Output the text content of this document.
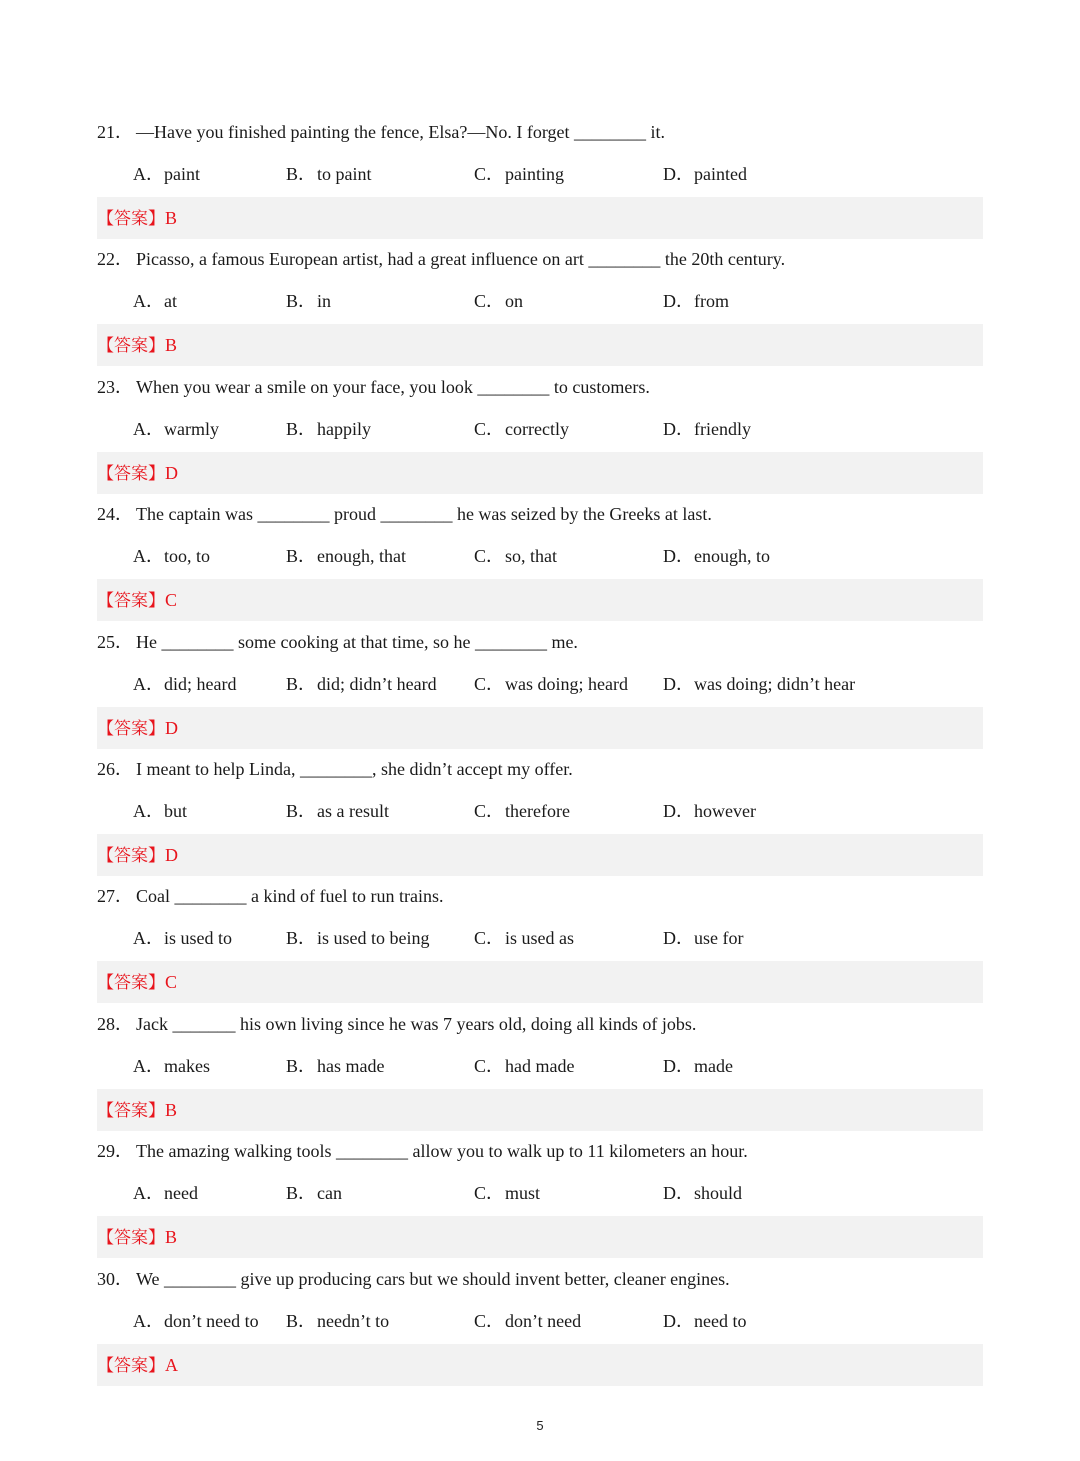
21． —Have you finished painting the fence, Elsa?—No. I forget ________ it.
A．paint	B．to paint	C．painting	D．painted
【答案】B
22． Picasso, a famous European artist, had a great influence on art ________ the 20th century.
A．at	B．in	C．on	D．from
【答案】B
23． When you wear a smile on your face, you look ________ to customers.
A．warmly	B．happily	C．correctly	D．friendly
【答案】D
24． The captain was ________ proud ________ he was seized by the Greeks at last.
A．too, to	B．enough, that	C．so, that	D．enough, to
【答案】C
25． He ________ some cooking at that time, so he ________ me.
A．did; heard	B．did; didn’t heard C．was doing; heard D．was doing; didn’t hear
【答案】D
26． I meant to help Linda, ________, she didn’t accept my offer.
A．but	B．as a result	C．therefore	D．however
【答案】D
27． Coal ________ a kind of fuel to run trains.
A．is used to	B．is used to being C．is used as	D．use for
【答案】C
28． Jack _______ his own living since he was 7 years old, doing all kinds of jobs.
A．makes	B．has made	C．had made	D．made
【答案】B
29． The amazing walking tools ________ allow you to walk up to 11 kilometers an hour.
A．need	B．can	C．must	D．should
【答案】B
30． We ________ give up producing cars but we should invent better, cleaner engines.
A．don’t need to B．needn’t to	C．don’t need	D．need to
【答案】A
5
